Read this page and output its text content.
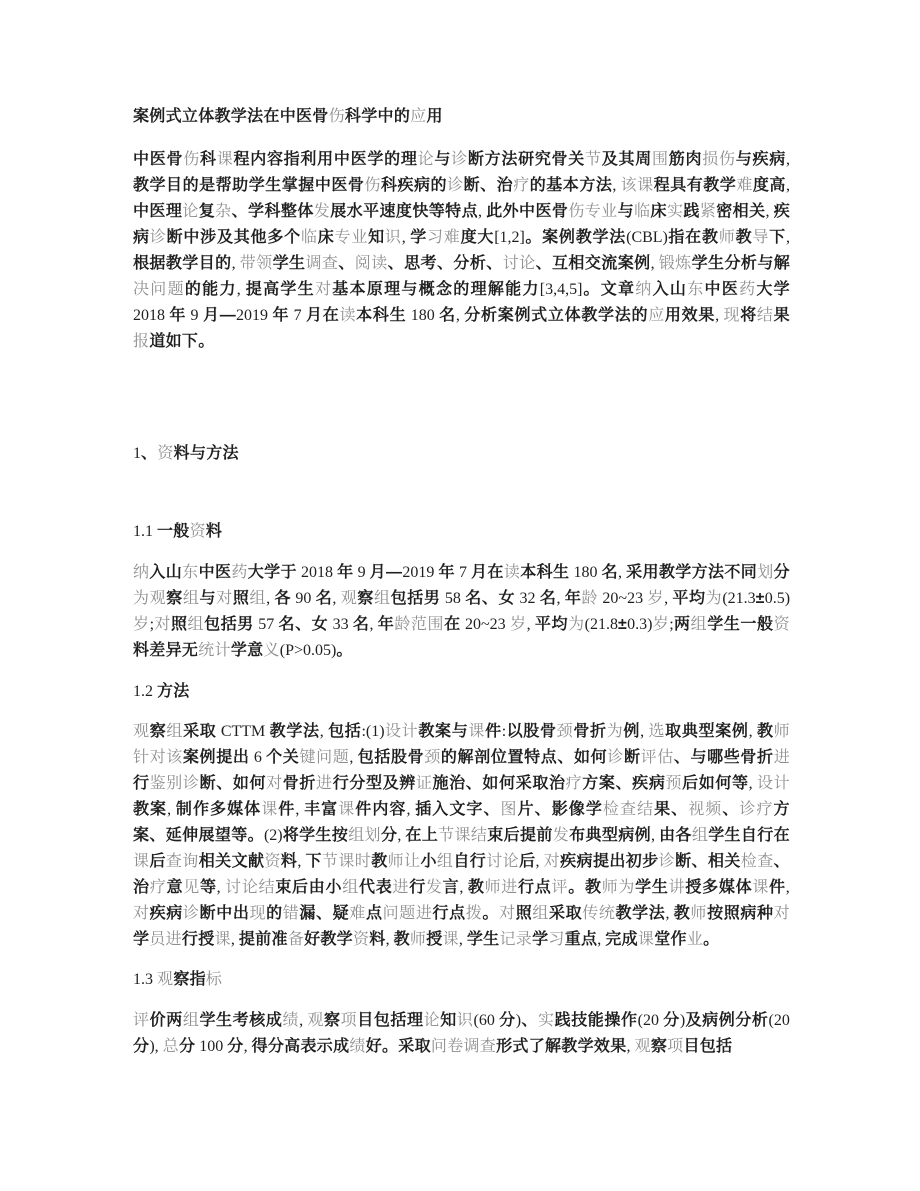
案例式立体教学法在中医骨伤科学中的应用

中医骨伤科课程内容指利用中医学的理论与诊断方法研究骨关节及其周围筋肉损伤与疾病, 教学目的是帮助学生掌握中医骨伤科疾病的诊断、治疗的基本方法, 该课程具有教学难度高, 中医理论复杂、学科整体发展水平速度快等特点, 此外中医骨伤专业与临床实践紧密相关, 疾病诊断中涉及其他多个临床专业知识, 学习难度大[1,2]。案例教学法(CBL)指在教师教导下, 根据教学目的, 带领学生调查、阅读、思考、分析、讨论、互相交流案例, 锻炼学生分析与解决问题的能力, 提高学生对基本原理与概念的理解能力[3,4,5]。文章纳入山东中医药大学 2018 年 9 月—2019 年 7 月在读本科生 180 名, 分析案例式立体教学法的应用效果, 现将结果报道如下。

1、资料与方法
1.1 一般资料

纳入山东中医药大学于 2018 年 9 月—2019 年 7 月在读本科生 180 名, 采用教学方法不同划分为观察组与对照组, 各 90 名, 观察组包括男 58 名、女 32 名, 年龄 20~23 岁, 平均为(21.3±0.5)岁;对照组包括男 57 名、女 33 名, 年龄范围在 20~23 岁, 平均为(21.8±0.3)岁;两组学生一般资料差异无统计学意义(P>0.05)。

1.2 方法

观察组采取 CTTM 教学法, 包括:(1)设计教案与课件:以股骨颈骨折为例, 选取典型案例, 教师针对该案例提出 6 个关键问题, 包括股骨颈的解剖位置特点、如何诊断评估、与哪些骨折进行鉴别诊断、如何对骨折进行分型及辨证施治、如何采取治疗方案、疾病预后如何等, 设计教案, 制作多媒体课件, 丰富课件内容, 插入文字、图片、影像学检查结果、视频、诊疗方案、延伸展望等。(2)将学生按组划分, 在上节课结束后提前发布典型病例, 由各组学生自行在课后查询相关文献资料, 下节课时教师让小组自行讨论后, 对疾病提出初步诊断、相关检查、治疗意见等, 讨论结束后由小组代表进行发言, 教师进行点评。教师为学生讲授多媒体课件, 对疾病诊断中出现的错漏、疑难点问题进行点拨。对照组采取传统教学法, 教师按照病种对学员进行授课, 提前准备好教学资料, 教师授课, 学生记录学习重点, 完成课堂作业。

1.3 观察指标

评价两组学生考核成绩, 观察项目包括理论知识(60 分)、实践技能操作(20 分)及病例分析(20 分), 总分 100 分, 得分高表示成绩好。采取问卷调查形式了解教学效果, 观察项目包括
